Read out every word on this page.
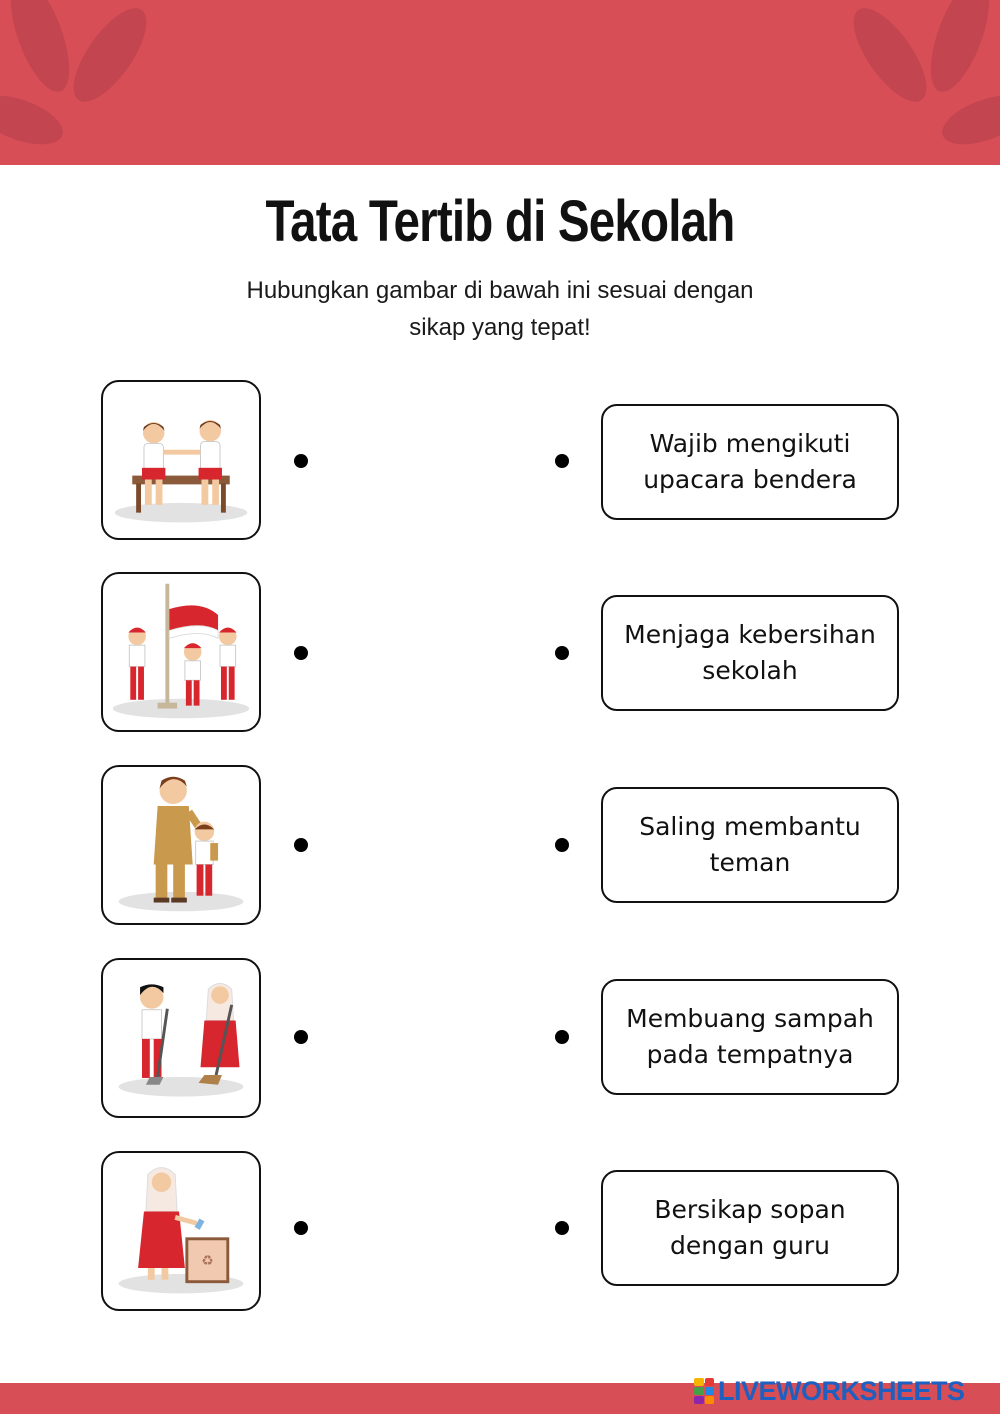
Tata Tertib di Sekolah
Hubungkan gambar di bawah ini sesuai dengan
sikap yang tepat!
♻
Wajib mengikuti
upacara bendera
Menjaga kebersihan
sekolah
Saling membantu
teman
Membuang sampah
pada tempatnya
Bersikap sopan
dengan guru
LIVEWORKSHEETS
